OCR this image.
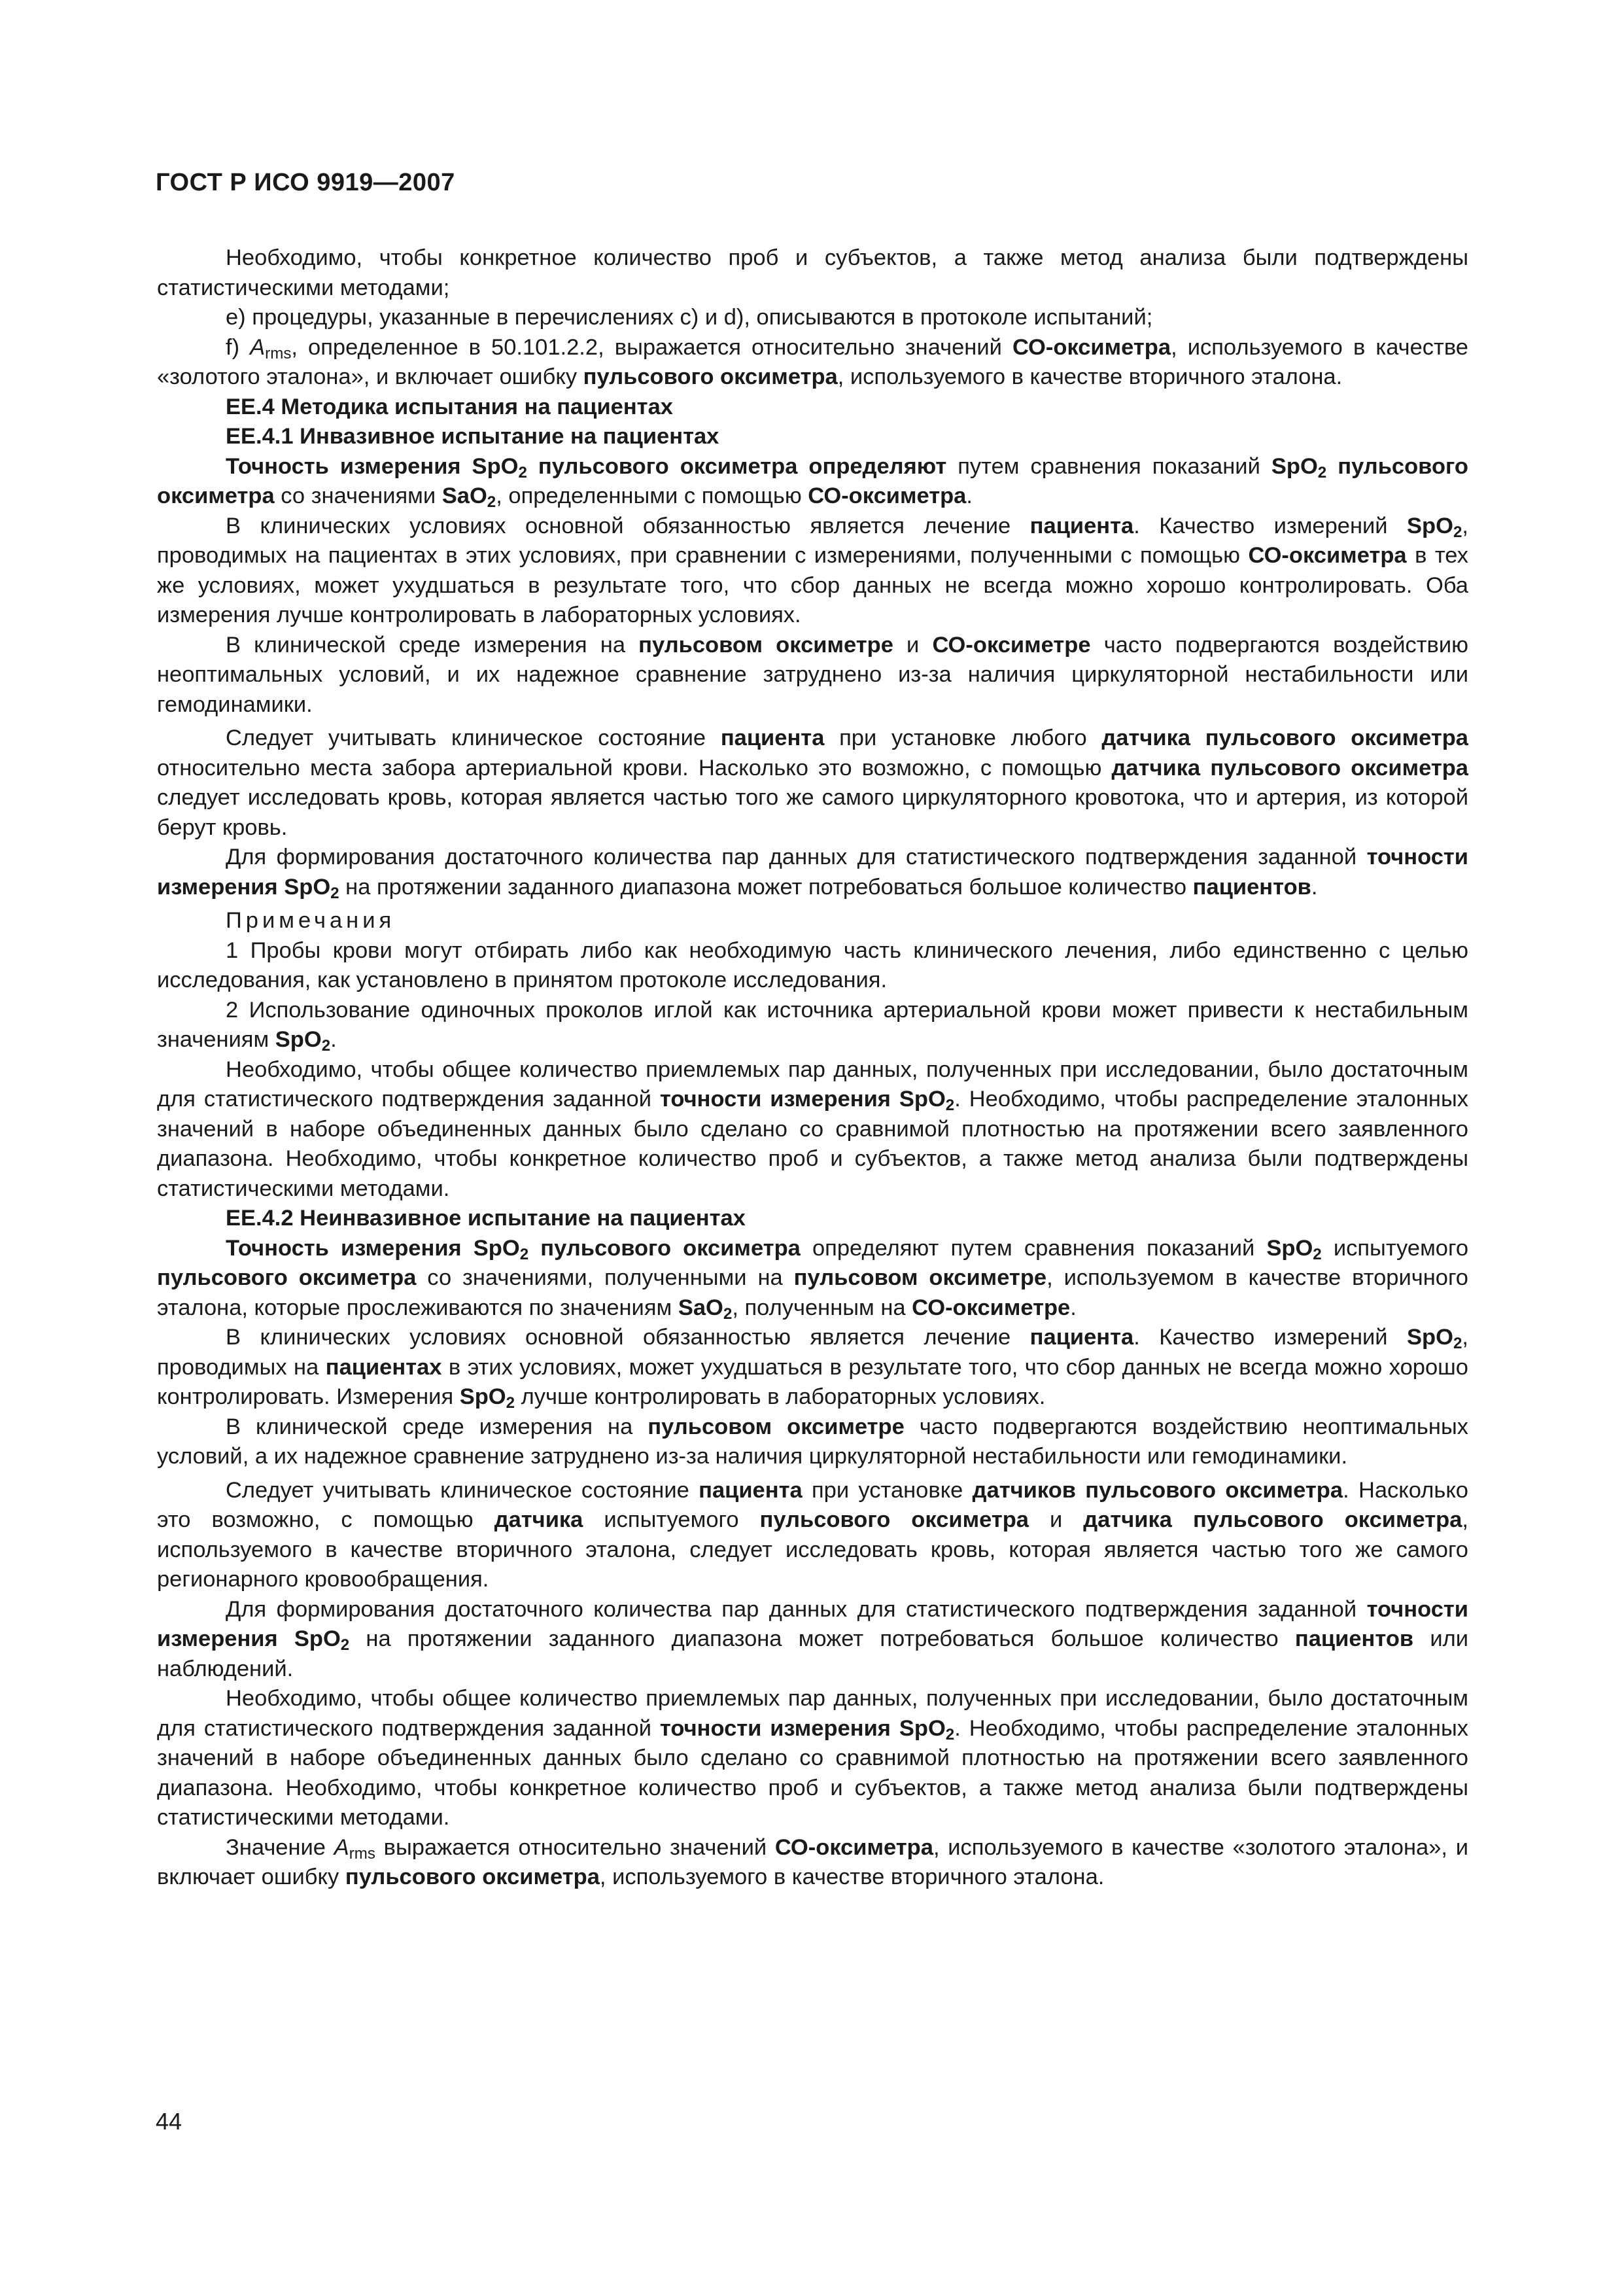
ГОСТ Р ИСО 9919—2007

Необходимо, чтобы конкретное количество проб и субъектов, а также метод анализа были подтверждены статистическими методами;

е) процедуры, указанные в перечислениях с) и d), описываются в протоколе испытаний;

f) $A_{rms}$, определенное в 50.101.2.2, выражается относительно значений СО-оксиметра, используемого в качестве «золотого эталона», и включает ошибку пульсового оксиметра, используемого в качестве вторичного эталона.

ЕЕ.4 Методика испытания на пациентах

ЕЕ.4.1 Инвазивное испытание на пациентах

Точность измерения SpO$_2$ пульсового оксиметра определяют путем сравнения показаний SpO$_2$ пульсового оксиметра со значениями SaO$_2$, определенными с помощью СО-оксиметра.

В клинических условиях основной обязанностью является лечение пациента. Качество измерений SpO$_2$, проводимых на пациентах в этих условиях, при сравнении с измерениями, полученными с помощью СО-оксиметра в тех же условиях, может ухудшаться в результате того, что сбор данных не всегда можно хорошо контролировать. Оба измерения лучше контролировать в лабораторных условиях.

В клинической среде измерения на пульсовом оксиметре и СО-оксиметре часто подвергаются воздействию неоптимальных условий, и их надежное сравнение затруднено из-за наличия циркуляторной нестабильности или гемодинамики.

Следует учитывать клиническое состояние пациента при установке любого датчика пульсового оксиметра относительно места забора артериальной крови. Насколько это возможно, с помощью датчика пульсового оксиметра следует исследовать кровь, которая является частью того же самого циркуляторного кровотока, что и артерия, из которой берут кровь.

Для формирования достаточного количества пар данных для статистического подтверждения заданной точности измерения SpO$_2$ на протяжении заданного диапазона может потребоваться большое количество пациентов.

Примечания

1 Пробы крови могут отбирать либо как необходимую часть клинического лечения, либо единственно с целью исследования, как установлено в принятом протоколе исследования.

2 Использование одиночных проколов иглой как источника артериальной крови может привести к нестабильным значениям SpO$_2$.

Необходимо, чтобы общее количество приемлемых пар данных, полученных при исследовании, было достаточным для статистического подтверждения заданной точности измерения SpO$_2$. Необходимо, чтобы распределение эталонных значений в наборе объединенных данных было сделано со сравнимой плотностью на протяжении всего заявленного диапазона. Необходимо, чтобы конкретное количество проб и субъектов, а также метод анализа были подтверждены статистическими методами.

ЕЕ.4.2 Неинвазивное испытание на пациентах

Точность измерения SpO$_2$ пульсового оксиметра определяют путем сравнения показаний SpO$_2$ испытуемого пульсового оксиметра со значениями, полученными на пульсовом оксиметре, используемом в качестве вторичного эталона, которые прослеживаются по значениям SaO$_2$, полученным на СО-оксиметре.

В клинических условиях основной обязанностью является лечение пациента. Качество измерений SpO$_2$, проводимых на пациентах в этих условиях, может ухудшаться в результате того, что сбор данных не всегда можно хорошо контролировать. Измерения SpO$_2$ лучше контролировать в лабораторных условиях.

В клинической среде измерения на пульсовом оксиметре часто подвергаются воздействию неоптимальных условий, а их надежное сравнение затруднено из-за наличия циркуляторной нестабильности или гемодинамики.

Следует учитывать клиническое состояние пациента при установке датчиков пульсового оксиметра. Насколько это возможно, с помощью датчика испытуемого пульсового оксиметра и датчика пульсового оксиметра, используемого в качестве вторичного эталона, следует исследовать кровь, которая является частью того же самого регионарного кровообращения.

Для формирования достаточного количества пар данных для статистического подтверждения заданной точности измерения SpO$_2$ на протяжении заданного диапазона может потребоваться большое количество пациентов или наблюдений.

Необходимо, чтобы общее количество приемлемых пар данных, полученных при исследовании, было достаточным для статистического подтверждения заданной точности измерения SpO$_2$. Необходимо, чтобы распределение эталонных значений в наборе объединенных данных было сделано со сравнимой плотностью на протяжении всего заявленного диапазона. Необходимо, чтобы конкретное количество проб и субъектов, а также метод анализа были подтверждены статистическими методами.

Значение $A_{rms}$ выражается относительно значений СО-оксиметра, используемого в качестве «золотого эталона», и включает ошибку пульсового оксиметра, используемого в качестве вторичного эталона.

44
